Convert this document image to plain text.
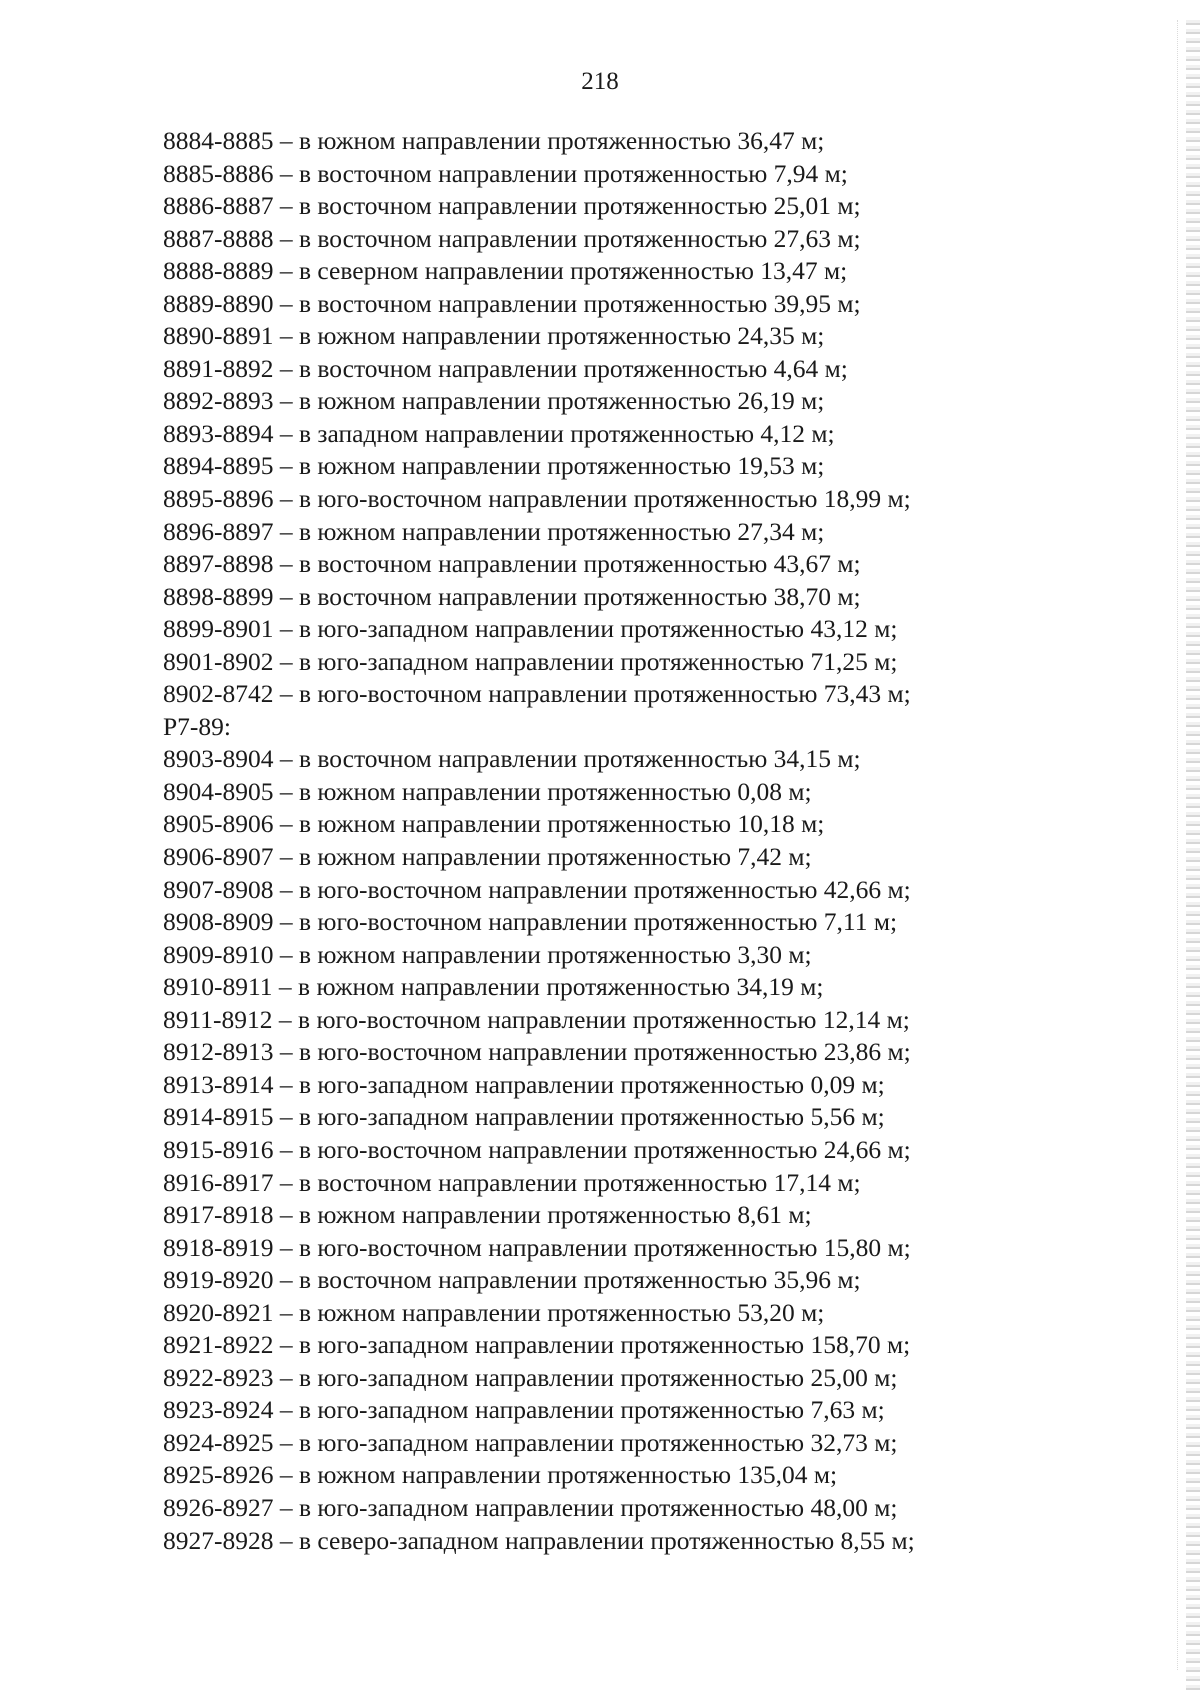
218
8884-8885 – в южном направлении протяженностью 36,47 м;
8885-8886 – в восточном направлении протяженностью 7,94 м;
8886-8887 – в восточном направлении протяженностью 25,01 м;
8887-8888 – в восточном направлении протяженностью 27,63 м;
8888-8889 – в северном направлении протяженностью 13,47 м;
8889-8890 – в восточном направлении протяженностью 39,95 м;
8890-8891 – в южном направлении протяженностью 24,35 м;
8891-8892 – в восточном направлении протяженностью 4,64 м;
8892-8893 – в южном направлении протяженностью 26,19 м;
8893-8894 – в западном направлении протяженностью 4,12 м;
8894-8895 – в южном направлении протяженностью 19,53 м;
8895-8896 – в юго-восточном направлении протяженностью 18,99 м;
8896-8897 – в южном направлении протяженностью 27,34 м;
8897-8898 – в восточном направлении протяженностью 43,67 м;
8898-8899 – в восточном направлении протяженностью 38,70 м;
8899-8901 – в юго-западном направлении протяженностью 43,12 м;
8901-8902 – в юго-западном направлении протяженностью 71,25 м;
8902-8742 – в юго-восточном направлении протяженностью 73,43 м;
Р7-89:
8903-8904 – в восточном направлении протяженностью 34,15 м;
8904-8905 – в южном направлении протяженностью 0,08 м;
8905-8906 – в южном направлении протяженностью 10,18 м;
8906-8907 – в южном направлении протяженностью 7,42 м;
8907-8908 – в юго-восточном направлении протяженностью 42,66 м;
8908-8909 – в юго-восточном направлении протяженностью 7,11 м;
8909-8910 – в южном направлении протяженностью 3,30 м;
8910-8911 – в южном направлении протяженностью 34,19 м;
8911-8912 – в юго-восточном направлении протяженностью 12,14 м;
8912-8913 – в юго-восточном направлении протяженностью 23,86 м;
8913-8914 – в юго-западном направлении протяженностью 0,09 м;
8914-8915 – в юго-западном направлении протяженностью 5,56 м;
8915-8916 – в юго-восточном направлении протяженностью 24,66 м;
8916-8917 – в восточном направлении протяженностью 17,14 м;
8917-8918 – в южном направлении протяженностью 8,61 м;
8918-8919 – в юго-восточном направлении протяженностью 15,80 м;
8919-8920 – в восточном направлении протяженностью 35,96 м;
8920-8921 – в южном направлении протяженностью 53,20 м;
8921-8922 – в юго-западном направлении протяженностью 158,70 м;
8922-8923 – в юго-западном направлении протяженностью 25,00 м;
8923-8924 – в юго-западном направлении протяженностью 7,63 м;
8924-8925 – в юго-западном направлении протяженностью 32,73 м;
8925-8926 – в южном направлении протяженностью 135,04 м;
8926-8927 – в юго-западном направлении протяженностью 48,00 м;
8927-8928 – в северо-западном направлении протяженностью 8,55 м;
